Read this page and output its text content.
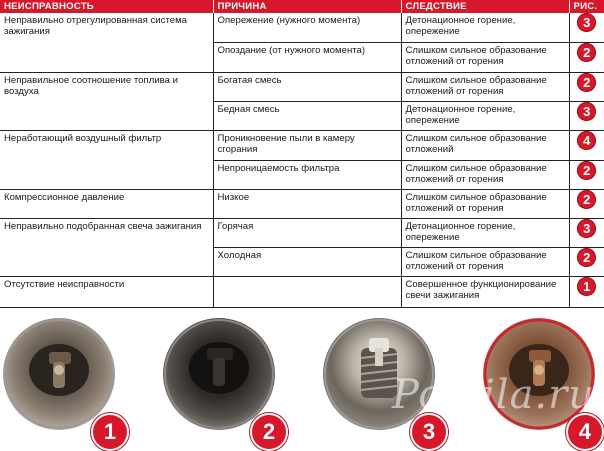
НЕИСПРАВНОСТЬ	ПРИЧИНА	СЛЕДСТВИЕ	РИС.
Неправильно отрегулированная система зажигания	Опережение (нужного момента)	Детонационное горение, опережение	3

	Опоздание (от нужного момента)	Слишком сильное образование отложений от горения	2

Неправильное соотношение топлива и воздуха	Богатая смесь	Слишком сильное образование отложений от горения	2

	Бедная смесь	Детонационное горение, опережение	3

Неработающий воздушный фильтр	Проникновение пыли в камеру сгорания	Слишком сильное образование отложений	4

	Непроницаемость фильтра	Слишком сильное образование отложений от горения	2

Компрессионное давление	Низкое	Слишком сильное образование отложений от горения	2

Неправильно подобранная свеча зажигания	Горячая	Детонационное горение, опережение	3

	Холодная	Слишком сильное образование отложений от горения	2

Отсутствие неисправности		Совершенное функционирование свечи зажигания	1
1	2	3	4
Postila.ru
